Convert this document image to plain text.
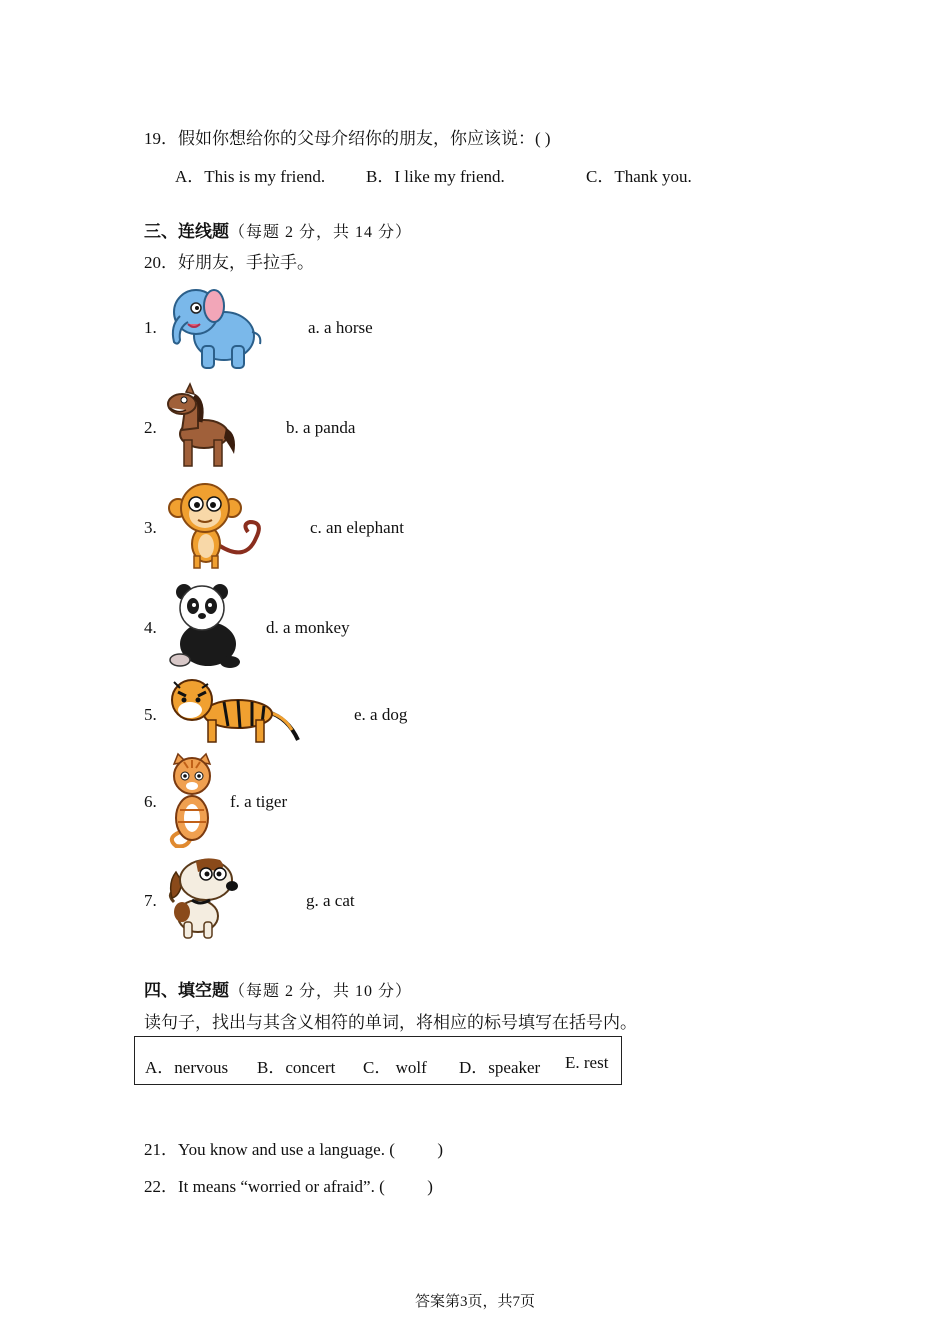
19．假如你想给你的父母介绍你的朋友，你应该说：( )
A．This is my friend. B．I like my friend.	C．Thank you.
三、连线题（每题 2 分，共 14 分）
20．好朋友，手拉手。
1.	a. a horse
2.	b. a panda
3.	c. an elephant
4.	d. a monkey
5.	e. a dog
6.	f. a tiger
7.	g. a cat
四、填空题（每题 2 分，共 10 分）
读句子，找出与其含义相符的单词，将相应的标号填写在括号内。
A．nervous B．concert C． wolf D．speaker E. rest
21．You know and use a language. (          )
22．It means “worried or afraid”. (          )
答案第3页，共7页
